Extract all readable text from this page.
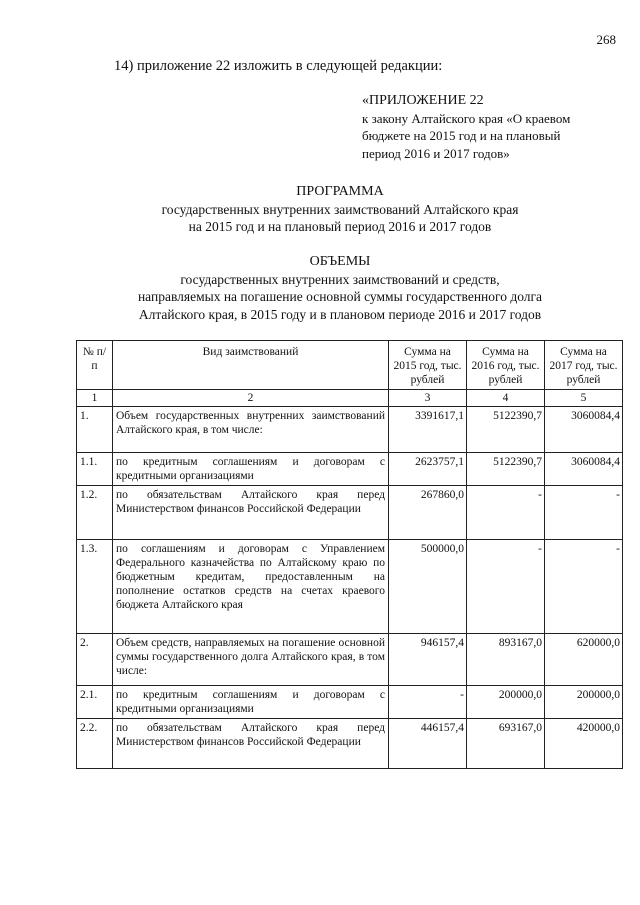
268
14) приложение 22 изложить в следующей редакции:
«ПРИЛОЖЕНИЕ 22
к закону Алтайского края «О краевом
бюджете на 2015 год и на плановый
период 2016 и 2017 годов»
ПРОГРАММА
государственных внутренних заимствований Алтайского края
на 2015 год и на плановый период 2016 и 2017 годов
ОБЪЕМЫ
государственных внутренних заимствований и средств,
направляемых на погашение основной суммы государственного долга
Алтайского края, в 2015 году и в плановом периоде 2016 и 2017 годов
№ п/п	Вид заимствований	Сумма на 2015 год, тыс. рублей	Сумма на 2016 год, тыс. рублей	Сумма на 2017 год, тыс. рублей
1	2	3	4	5
1.	Объем государственных внутренних заимствований Алтайского края, в том числе:	3391617,1	5122390,7	3060084,4
1.1.	по кредитным соглашениям и договорам с кредитными организациями	2623757,1	5122390,7	3060084,4
1.2.	по обязательствам Алтайского края перед Министерством финансов Российской Федерации	267860,0	-	-
1.3.	по соглашениям и договорам с Управлением Федерального казначейства по Алтайскому краю по бюджетным кредитам, предоставленным на пополнение остатков средств на счетах краевого бюджета Алтайского края	500000,0	-	-
2.	Объем средств, направляемых на погашение основной суммы государственного долга Алтайского края, в том числе:	946157,4	893167,0	620000,0
2.1.	по кредитным соглашениям и договорам с кредитными организациями	-	200000,0	200000,0
2.2.	по обязательствам Алтайского края перед Министерством финансов Российской Федерации	446157,4	693167,0	420000,0
